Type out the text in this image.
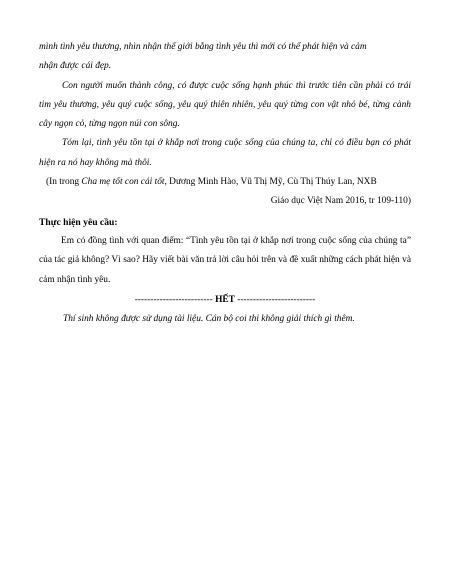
mình tình yêu thương, nhìn nhận thế giới bằng tình yêu thì mới có thể phát hiện và cảm
nhận được cái đẹp.

Con người muốn thành công, có được cuộc sống hạnh phúc thì trước tiên cần phải có trái tim yêu thương, yêu quý cuộc sống, yêu quý thiên nhiên, yêu quý từng con vật nhỏ bé, từng cành cây ngọn cỏ, từng ngọn núi con sông.

Tóm lại, tình yêu tồn tại ở khắp nơi trong cuộc sống của chúng ta, chỉ có điều bạn có phát hiện ra nó hay không mà thôi.

(In trong Cha mẹ tốt con cái tốt, Dương Minh Hào, Vũ Thị Mỹ, Cù Thị Thúy Lan, NXB
Giáo dục Việt Nam 2016, tr 109-110)

Thực hiện yêu cầu:

Em có đồng tình với quan điểm: “Tình yêu tồn tại ở khắp nơi trong cuộc sống của chúng ta” của tác giả không? Vì sao? Hãy viết bài văn trả lời câu hỏi trên và đề xuất những cách phát hiện và cảm nhận tình yêu.

------------------------- HẾT -------------------------

Thí sinh không được sử dụng tài liệu. Cán bộ coi thi không giải thích gì thêm.
